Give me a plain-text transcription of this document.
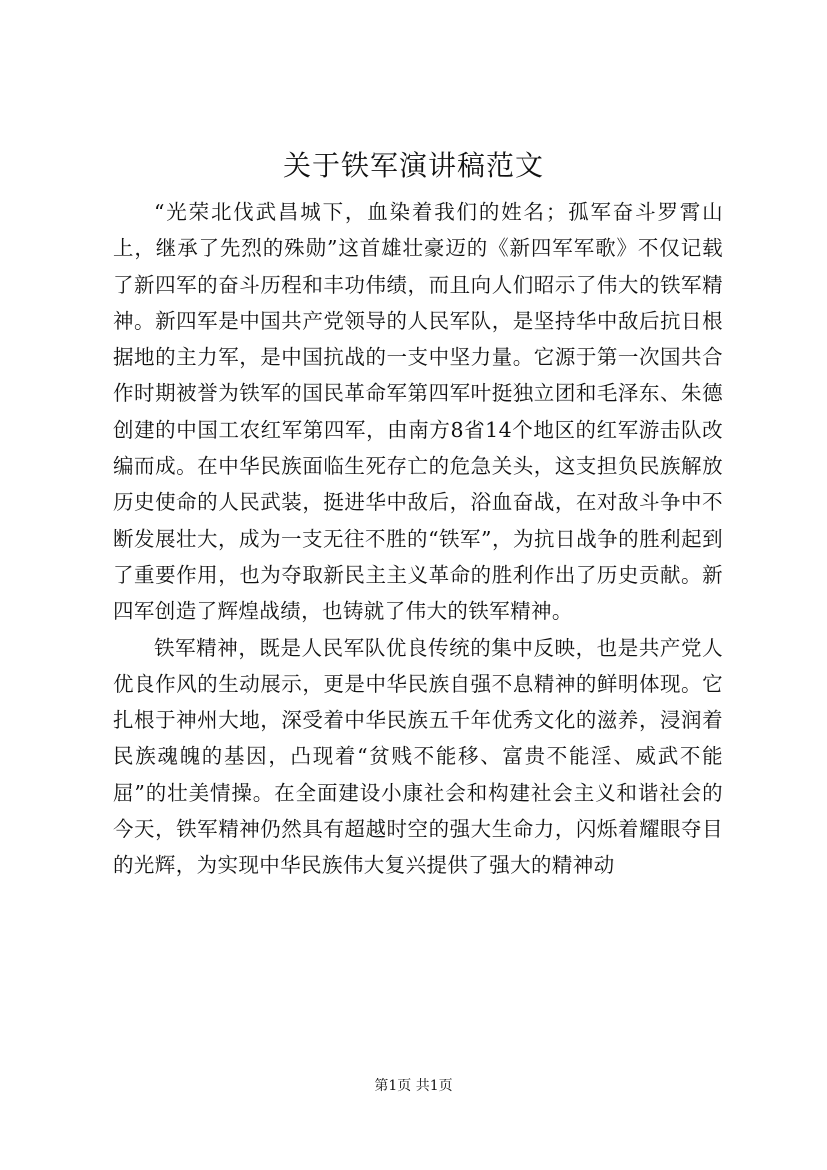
关于铁军演讲稿范文

“光荣北伐武昌城下，血染着我们的姓名；孤军奋斗罗霄山上，继承了先烈的殊勋”这首雄壮豪迈的《新四军军歌》不仅记载了新四军的奋斗历程和丰功伟绩，而且向人们昭示了伟大的铁军精神。新四军是中国共产党领导的人民军队，是坚持华中敌后抗日根据地的主力军，是中国抗战的一支中坚力量。它源于第一次国共合作时期被誉为铁军的国民革命军第四军叶挺独立团和毛泽东、朱德创建的中国工农红军第四军，由南方8省14个地区的红军游击队改编而成。在中华民族面临生死存亡的危急关头，这支担负民族解放历史使命的人民武装，挺进华中敌后，浴血奋战，在对敌斗争中不断发展壮大，成为一支无往不胜的“铁军”，为抗日战争的胜利起到了重要作用，也为夺取新民主主义革命的胜利作出了历史贡献。新四军创造了辉煌战绩，也铸就了伟大的铁军精神。

铁军精神，既是人民军队优良传统的集中反映，也是共产党人优良作风的生动展示，更是中华民族自强不息精神的鲜明体现。它扎根于神州大地，深受着中华民族五千年优秀文化的滋养，浸润着民族魂魄的基因，凸现着“贫贱不能移、富贵不能淫、威武不能屈”的壮美情操。在全面建设小康社会和构建社会主义和谐社会的今天，铁军精神仍然具有超越时空的强大生命力，闪烁着耀眼夺目的光辉，为实现中华民族伟大复兴提供了强大的精神动

第1页 共1页
